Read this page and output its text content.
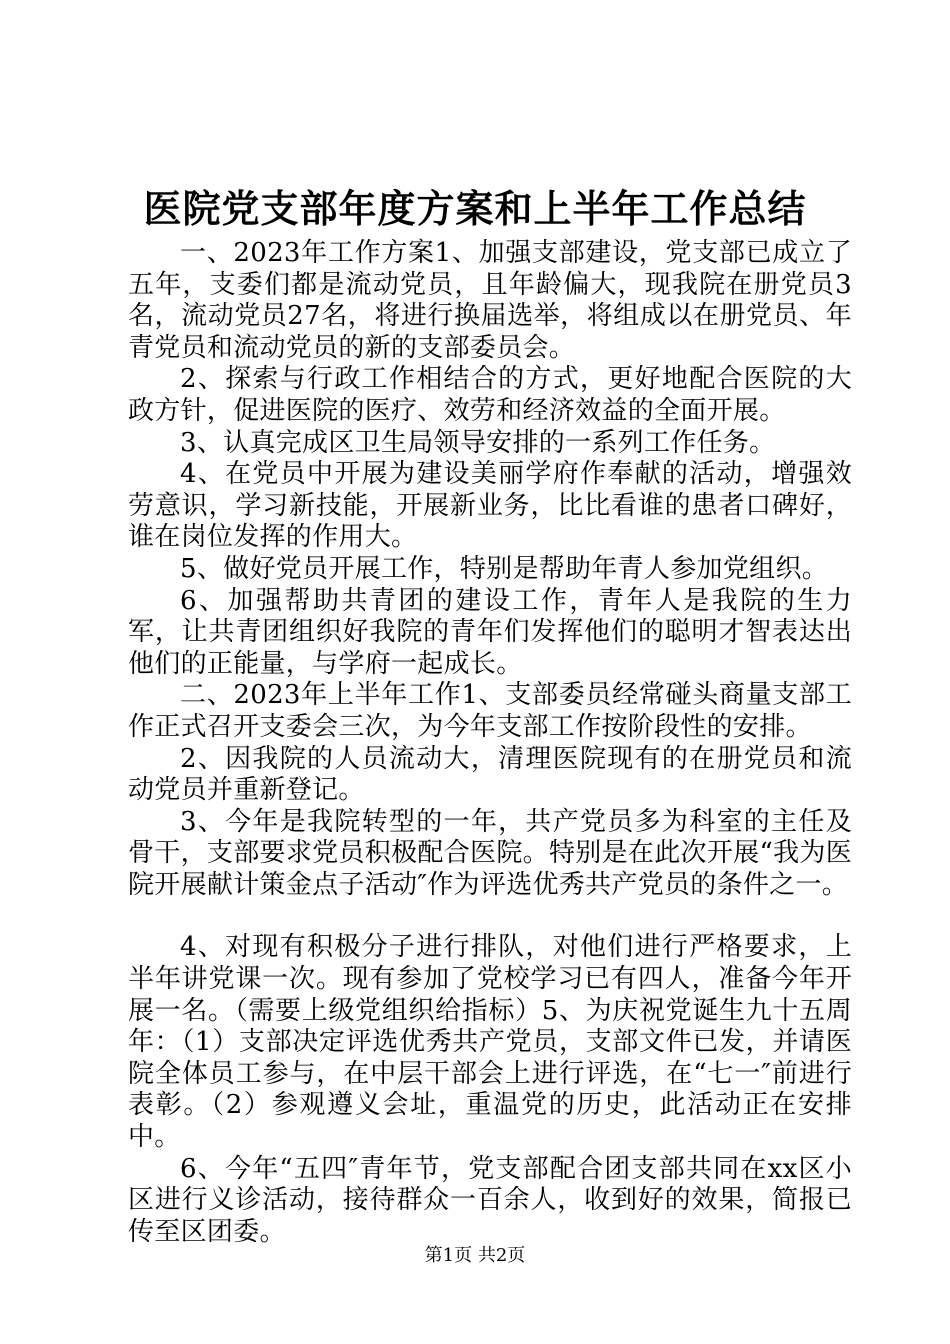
医院党支部年度方案和上半年工作总结

一、2023年工作方案1、加强支部建设，党支部已成立了五年，支委们都是流动党员，且年龄偏大，现我院在册党员3名，流动党员27名，将进行换届选举，将组成以在册党员、年青党员和流动党员的新的支部委员会。

2、探索与行政工作相结合的方式，更好地配合医院的大政方针，促进医院的医疗、效劳和经济效益的全面开展。

3、认真完成区卫生局领导安排的一系列工作任务。

4、在党员中开展为建设美丽学府作奉献的活动，增强效劳意识，学习新技能，开展新业务，比比看谁的患者口碑好，谁在岗位发挥的作用大。

5、做好党员开展工作，特别是帮助年青人参加党组织。

6、加强帮助共青团的建设工作，青年人是我院的生力军，让共青团组织好我院的青年们发挥他们的聪明才智表达出他们的正能量，与学府一起成长。

二、2023年上半年工作1、支部委员经常碰头商量支部工作正式召开支委会三次，为今年支部工作按阶段性的安排。

2、因我院的人员流动大，清理医院现有的在册党员和流动党员并重新登记。

3、今年是我院转型的一年，共产党员多为科室的主任及骨干，支部要求党员积极配合医院。特别是在此次开展“我为医院开展献计策金点子活动″作为评选优秀共产党员的条件之一。

4、对现有积极分子进行排队，对他们进行严格要求，上半年讲党课一次。现有参加了党校学习已有四人，准备今年开展一名。（需要上级党组织给指标）5、为庆祝党诞生九十五周年：（1）支部决定评选优秀共产党员，支部文件已发，并请医院全体员工参与，在中层干部会上进行评选，在“七一″前进行表彰。（2）参观遵义会址，重温党的历史，此活动正在安排中。

6、今年“五四″青年节，党支部配合团支部共同在xx区小区进行义诊活动，接待群众一百余人，收到好的效果，简报已传至区团委。

第1页 共2页
